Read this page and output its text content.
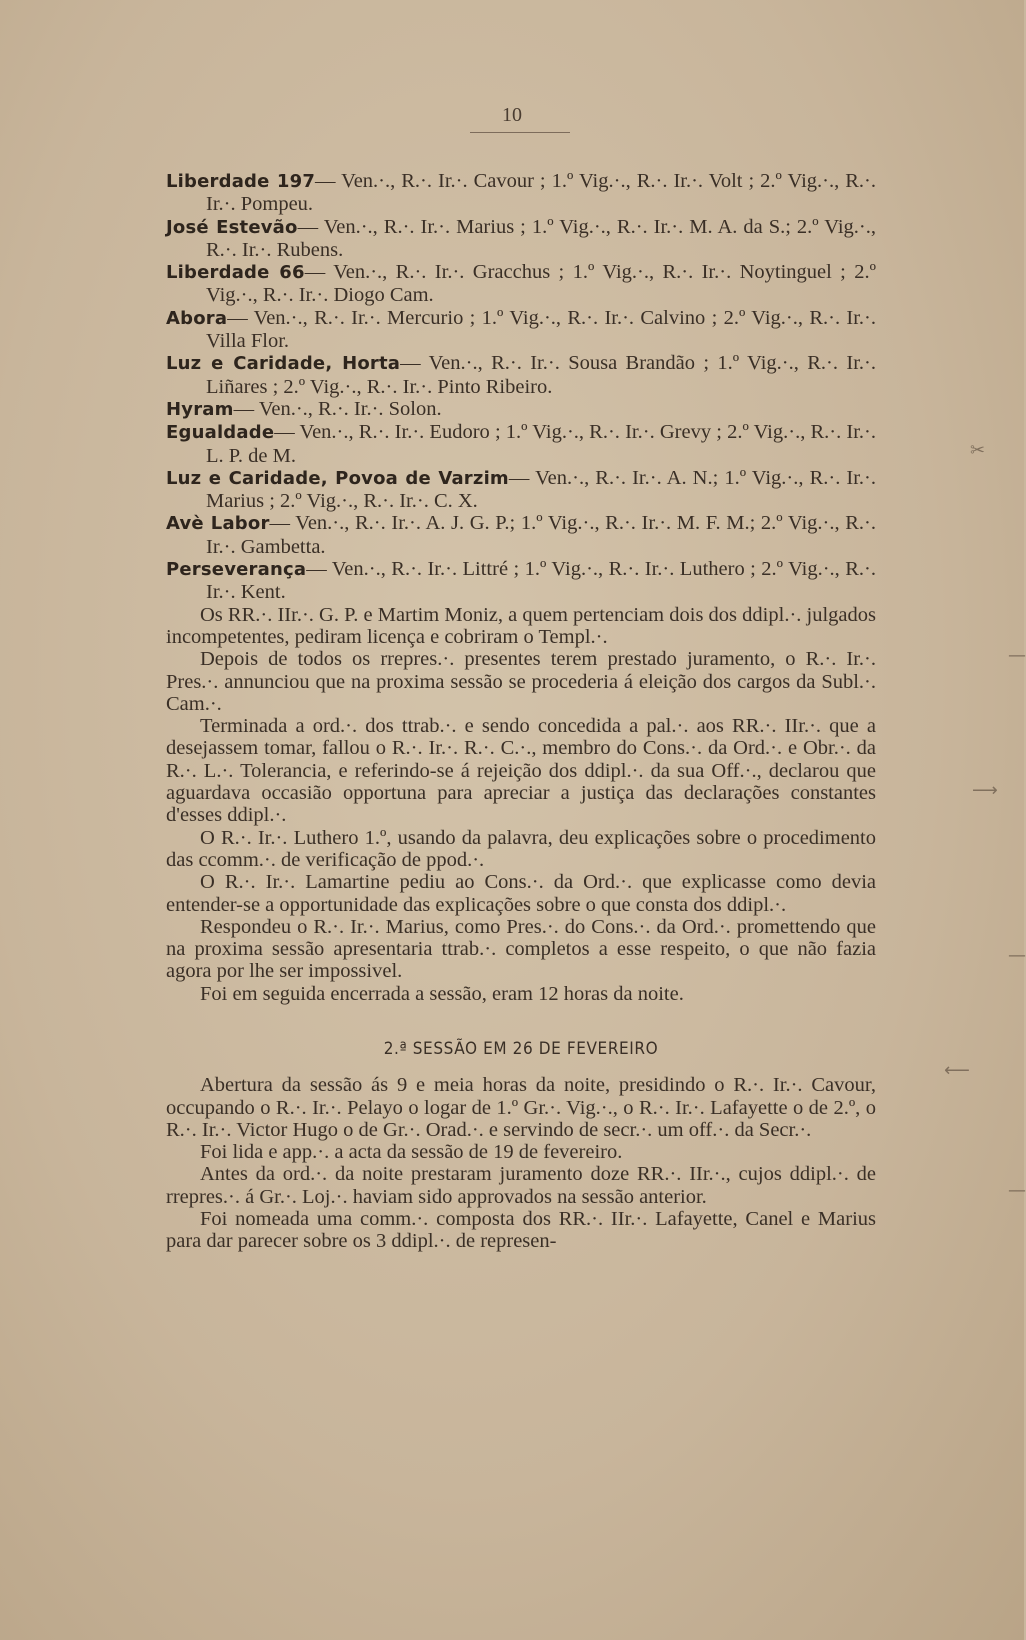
10

Liberdade 197— Ven.·., R.·. Ir.·. Cavour ; 1.º Vig.·., R.·. Ir.·. Volt ; 2.º Vig.·., R.·. Ir.·. Pompeu.

José Estevão— Ven.·., R.·. Ir.·. Marius ; 1.º Vig.·., R.·. Ir.·. M. A. da S.; 2.º Vig.·., R.·. Ir.·. Rubens.

Liberdade 66— Ven.·., R.·. Ir.·. Gracchus ; 1.º Vig.·., R.·. Ir.·. Noytinguel ; 2.º Vig.·., R.·. Ir.·. Diogo Cam.

Abora— Ven.·., R.·. Ir.·. Mercurio ; 1.º Vig.·., R.·. Ir.·. Calvino ; 2.º Vig.·., R.·. Ir.·. Villa Flor.

Luz e Caridade, Horta— Ven.·., R.·. Ir.·. Sousa Brandão ; 1.º Vig.·., R.·. Ir.·. Liñares ; 2.º Vig.·., R.·. Ir.·. Pinto Ribeiro.

Hyram— Ven.·., R.·. Ir.·. Solon.

Egualdade— Ven.·., R.·. Ir.·. Eudoro ; 1.º Vig.·., R.·. Ir.·. Grevy ; 2.º Vig.·., R.·. Ir.·. L. P. de M.

Luz e Caridade, Povoa de Varzim— Ven.·., R.·. Ir.·. A. N.; 1.º Vig.·., R.·. Ir.·. Marius ; 2.º Vig.·., R.·. Ir.·. C. X.

Avè Labor— Ven.·., R.·. Ir.·. A. J. G. P.; 1.º Vig.·., R.·. Ir.·. M. F. M.; 2.º Vig.·., R.·. Ir.·. Gambetta.

Perseverança— Ven.·., R.·. Ir.·. Littré ; 1.º Vig.·., R.·. Ir.·. Luthero ; 2.º Vig.·., R.·. Ir.·. Kent.

Os RR.·. IIr.·. G. P. e Martim Moniz, a quem pertenciam dois dos ddipl.·. julgados incompetentes, pediram licença e cobriram o Templ.·.

Depois de todos os rrepres.·. presentes terem prestado juramento, o R.·. Ir.·. Pres.·. annunciou que na proxima sessão se procederia á eleição dos cargos da Subl.·. Cam.·.

Terminada a ord.·. dos ttrab.·. e sendo concedida a pal.·. aos RR.·. IIr.·. que a desejassem tomar, fallou o R.·. Ir.·. R.·. C.·., membro do Cons.·. da Ord.·. e Obr.·. da R.·. L.·. Tolerancia, e referindo-se á rejeição dos ddipl.·. da sua Off.·., declarou que aguardava occasião opportuna para apreciar a justiça das declarações constantes d'esses ddipl.·.

O R.·. Ir.·. Luthero 1.º, usando da palavra, deu explicações sobre o procedimento das ccomm.·. de verificação de ppod.·.

O R.·. Ir.·. Lamartine pediu ao Cons.·. da Ord.·. que explicasse como devia entender-se a opportunidade das explicações sobre o que consta dos ddipl.·.

Respondeu o R.·. Ir.·. Marius, como Pres.·. do Cons.·. da Ord.·. promettendo que na proxima sessão apresentaria ttrab.·. completos a esse respeito, o que não fazia agora por lhe ser impossivel.

Foi em seguida encerrada a sessão, eram 12 horas da noite.

2.ª SESSÃO EM 26 DE FEVEREIRO

Abertura da sessão ás 9 e meia horas da noite, presidindo o R.·. Ir.·. Cavour, occupando o R.·. Ir.·. Pelayo o logar de 1.º Gr.·. Vig.·., o R.·. Ir.·. Lafayette o de 2.º, o R.·. Ir.·. Victor Hugo o de Gr.·. Orad.·. e servindo de secr.·. um off.·. da Secr.·.

Foi lida e app.·. a acta da sessão de 19 de fevereiro.

Antes da ord.·. da noite prestaram juramento doze RR.·. IIr.·., cujos ddipl.·. de rrepres.·. á Gr.·. Loj.·. haviam sido approvados na sessão anterior.

Foi nomeada uma comm.·. composta dos RR.·. IIr.·. Lafayette, Canel e Marius para dar parecer sobre os 3 ddipl.·. de represen-

✂
—
⟶
—
⟵
—
